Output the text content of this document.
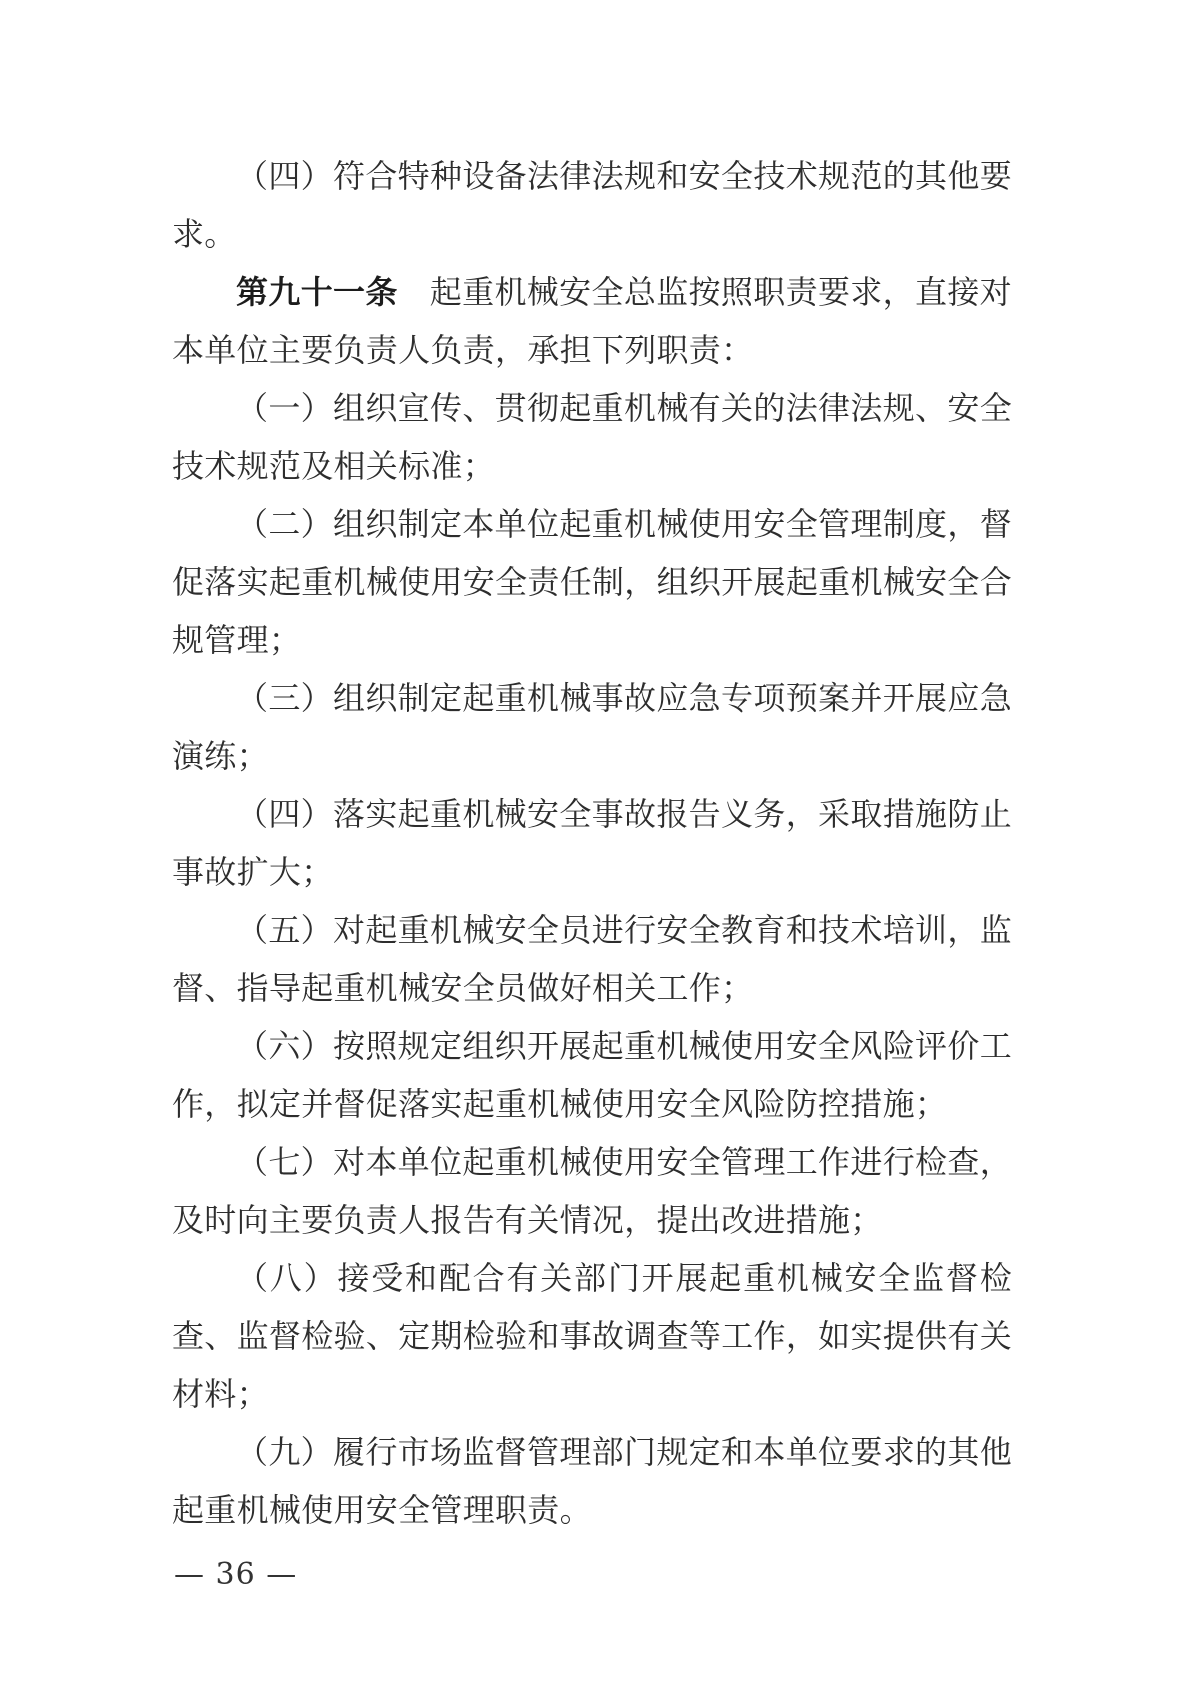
（四）符合特种设备法律法规和安全技术规范的其他要求。

第九十一条 起重机械安全总监按照职责要求，直接对本单位主要负责人负责，承担下列职责：

（一）组织宣传、贯彻起重机械有关的法律法规、安全技术规范及相关标准；

（二）组织制定本单位起重机械使用安全管理制度，督促落实起重机械使用安全责任制，组织开展起重机械安全合规管理；

（三）组织制定起重机械事故应急专项预案并开展应急演练；

（四）落实起重机械安全事故报告义务，采取措施防止事故扩大；

（五）对起重机械安全员进行安全教育和技术培训，监督、指导起重机械安全员做好相关工作；

（六）按照规定组织开展起重机械使用安全风险评价工作，拟定并督促落实起重机械使用安全风险防控措施；

（七）对本单位起重机械使用安全管理工作进行检查，及时向主要负责人报告有关情况，提出改进措施；

（八）接受和配合有关部门开展起重机械安全监督检查、监督检验、定期检验和事故调查等工作，如实提供有关材料；

（九）履行市场监督管理部门规定和本单位要求的其他起重机械使用安全管理职责。

— 36 —
